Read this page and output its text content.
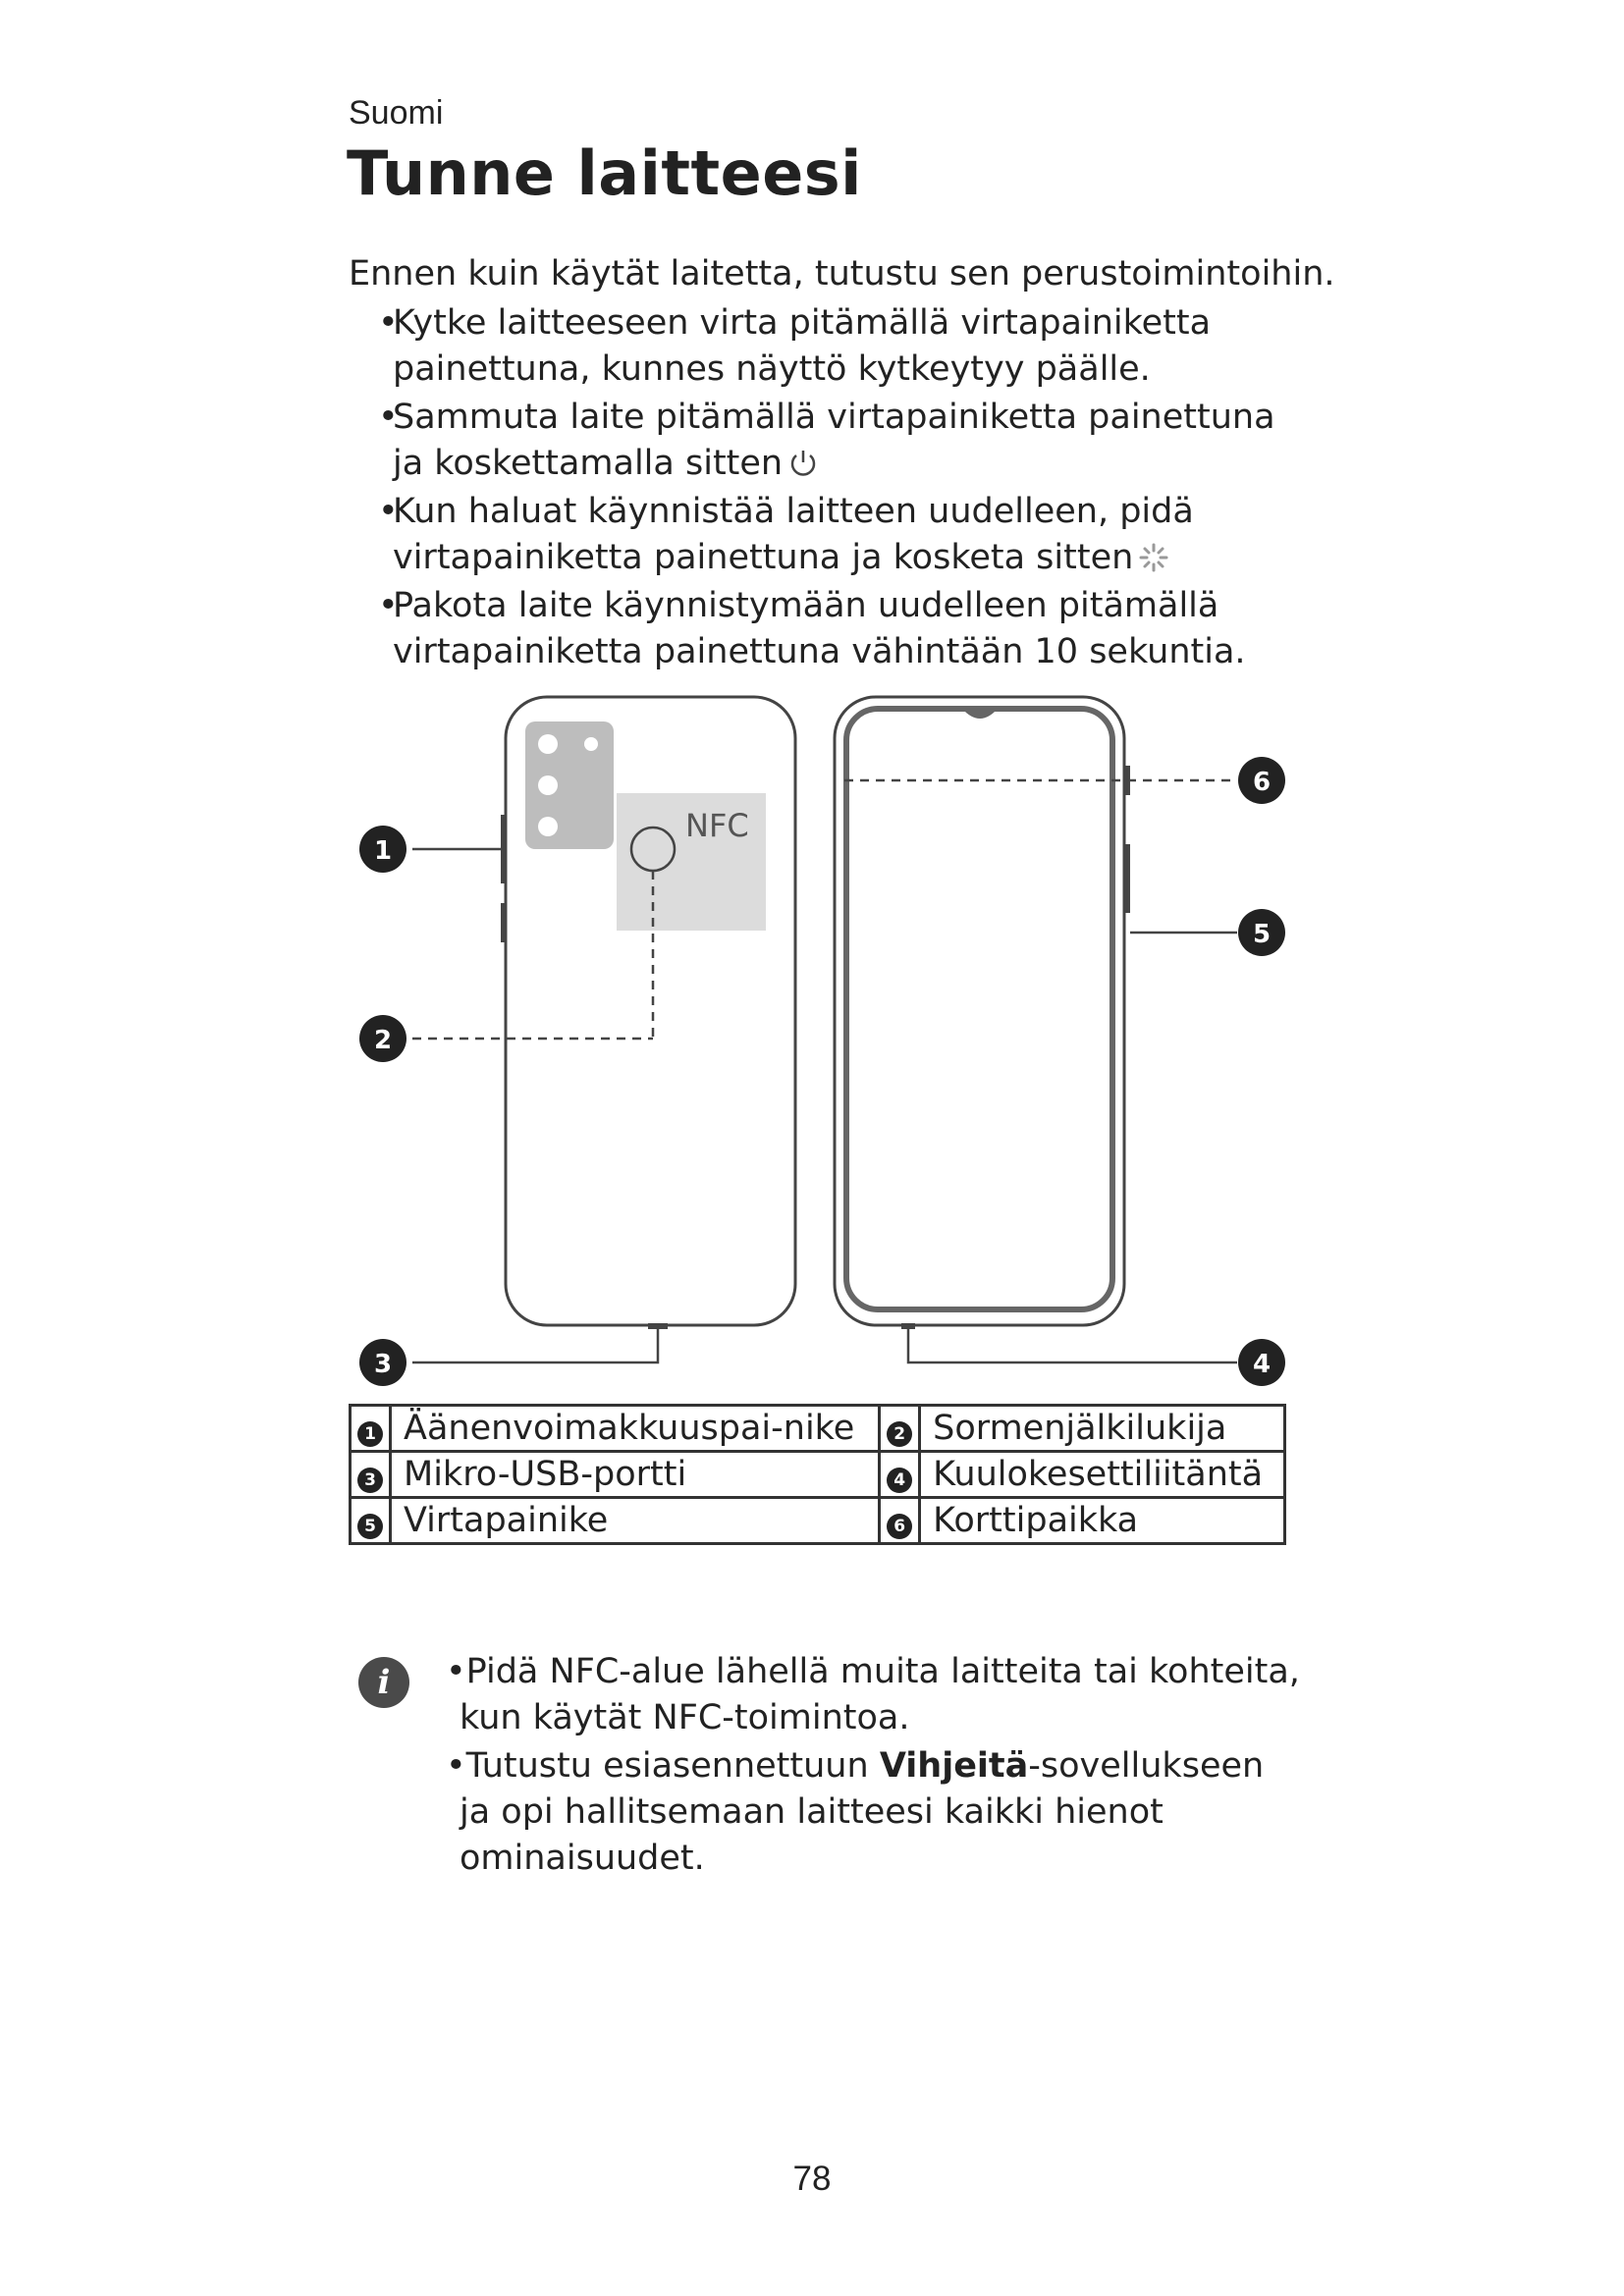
Suomi
Tunne laitteesi
Ennen kuin käytät laitetta, tutustu sen perustoimintoihin.
•Kytke laitteeseen virta pitämällä virtapainiketta painettuna, kunnes näyttö kytkeytyy päälle.
•Sammuta laite pitämällä virtapainiketta painettuna ja koskettamalla sitten
•Kun haluat käynnistää laitteen uudelleen, pidä virtapainiketta painettuna ja kosketa sitten
•Pakota laite käynnistymään uudelleen pitämällä virtapainiketta painettuna vähintään 10 sekuntia.
NFC
1
2
3	4
5
6
1	Äänenvoimakkuuspai-nike	2	Sormenjälkilukija
3	Mikro-USB-portti	4	Kuulokesettiliitäntä
5	Virtapainike	6	Korttipaikka
i	•Pidä NFC-alue lähellä muita laitteita tai kohteita, kun käytät NFC-toimintoa.
•Tutustu esiasennettuun Vihjeitä-sovellukseen ja opi hallitsemaan laitteesi kaikki hienot ominaisuudet.
78
